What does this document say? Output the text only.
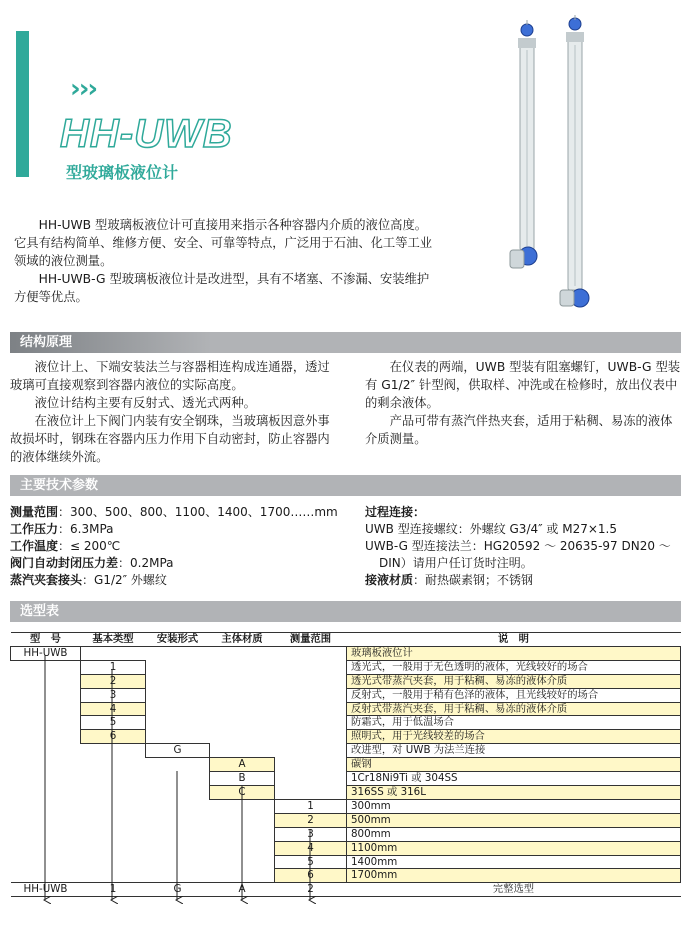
›››
HH-UWB
型玻璃板液位计

HH-UWB 型玻璃板液位计可直接用来指示各种容器内介质的液位高度。它具有结构简单、维修方便、安全、可靠等特点，广泛用于石油、化工等工业领域的液位测量。

HH-UWB-G 型玻璃板液位计是改进型，具有不堵塞、不渗漏、安装维护方便等优点。

结构原理

液位计上、下端安装法兰与容器相连构成连通器，透过玻璃可直接观察到容器内液位的实际高度。

液位计结构主要有反射式、透光式两种。

在液位计上下阀门内装有安全钢珠，当玻璃板因意外事故损坏时，钢珠在容器内压力作用下自动密封，防止容器内的液体继续外流。

在仪表的两端，UWB 型装有阻塞螺钉，UWB-G 型装有 G1/2″ 针型阀，供取样、冲洗或在检修时，放出仪表中的剩余液体。

产品可带有蒸汽伴热夹套，适用于粘稠、易冻的液体介质测量。

主要技术参数
测量范围：300、500、800、1100、1400、1700……mm
工作压力：6.3MPa
工作温度：≤ 200℃
阀门自动封闭压力差：0.2MPa
蒸汽夹套接头：G1/2″ 外螺纹
过程连接：
UWB 型连接螺纹：外螺纹 G3/4″ 或 M27×1.5
UWB-G 型连接法兰：HG20592 ～ 20635-97 DN20 ～
DIN）请用户任订货时注明。
接液材质：耐热碳素钢；不锈钢
选型表
型　号	基本类型	安装形式	主体材质	测量范围	说　明
HH-UWB					玻璃板液位计
	1				透光式，一般用于无色透明的液体，光线较好的场合
	2				透光式带蒸汽夹套，用于粘稠、易冻的液体介质
	3				反射式，一般用于稍有色泽的液体，且光线较好的场合
	4				反射式带蒸汽夹套，用于粘稠、易冻的液体介质
	5				防霜式，用于低温场合
	6				照明式，用于光线较差的场合
		G			改进型，对 UWB 为法兰连接
			A		碳钢
			B		1Cr18Ni9Ti 或 304SS
			C		316SS 或 316L
				1	300mm
				2	500mm
				3	800mm
				4	1100mm
				5	1400mm
				6	1700mm
HH-UWB	1	G	A	2	完整选型
